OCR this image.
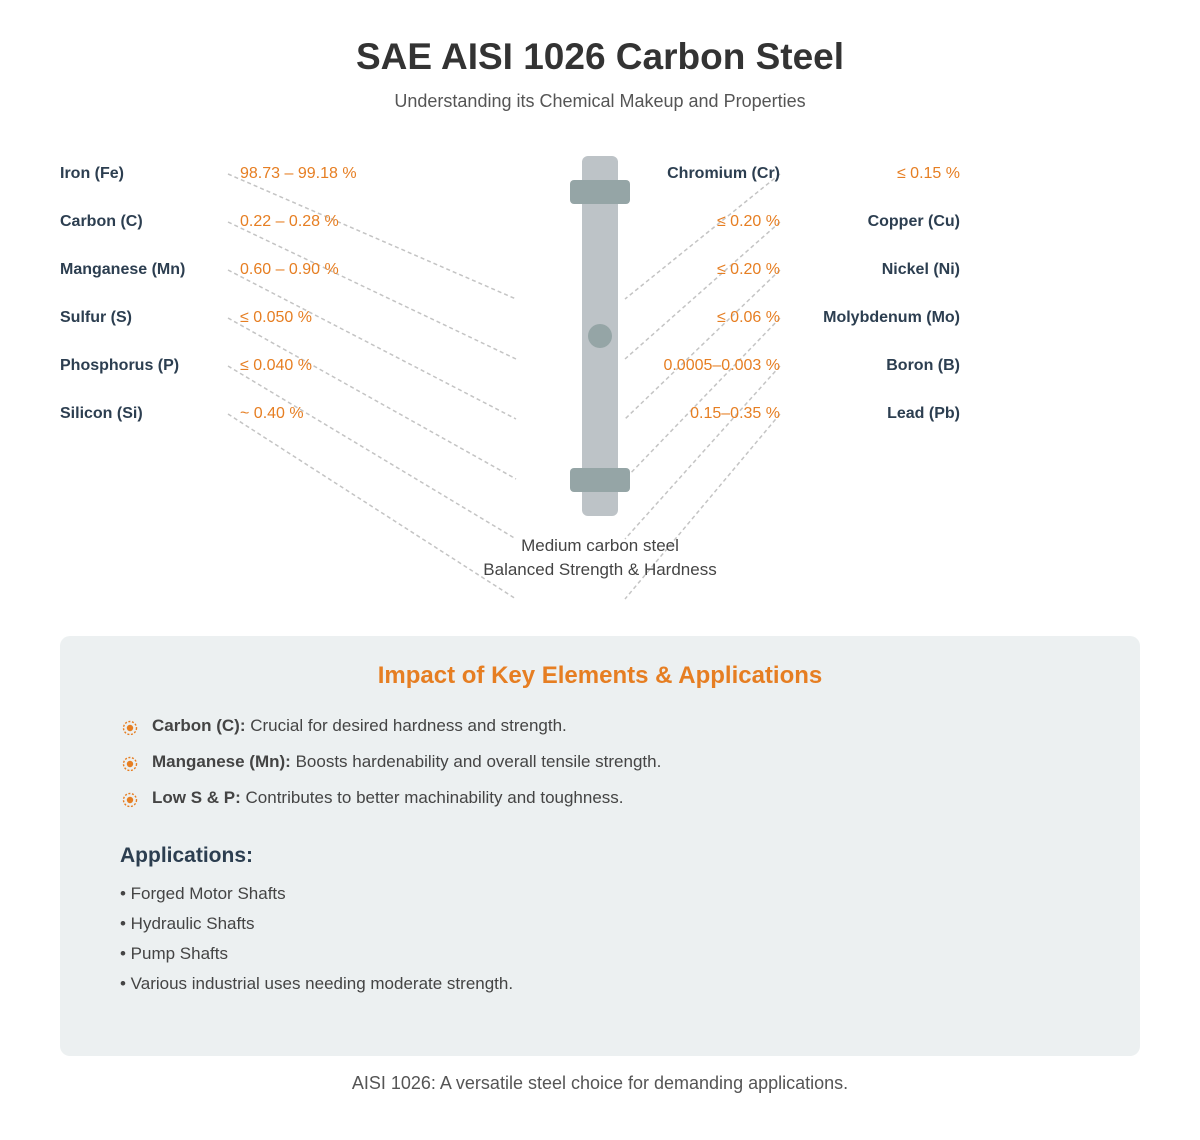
SAE AISI 1026 Carbon Steel
Understanding its Chemical Makeup and Properties
Iron (Fe)	98.73 – 99.18 %
Carbon (C)	0.22 – 0.28 %
Manganese (Mn)	0.60 – 0.90 %
Sulfur (S)	≤ 0.050 %
Phosphorus (P)	≤ 0.040 %
Silicon (Si)	~ 0.40 %
Chromium (Cr)	≤ 0.15 %
≤ 0.20 %	Copper (Cu)
≤ 0.20 %	Nickel (Ni)
≤ 0.06 %	Molybdenum (Mo)
0.0005–0.003 %	Boron (B)
0.15–0.35 %	Lead (Pb)
Medium carbon steel
Balanced Strength & Hardness
Impact of Key Elements & Applications
Carbon (C): Crucial for desired hardness and strength.
Manganese (Mn): Boosts hardenability and overall tensile strength.
Low S & P: Contributes to better machinability and toughness.
Applications:
• Forged Motor Shafts
• Hydraulic Shafts
• Pump Shafts
• Various industrial uses needing moderate strength.
AISI 1026: A versatile steel choice for demanding applications.
